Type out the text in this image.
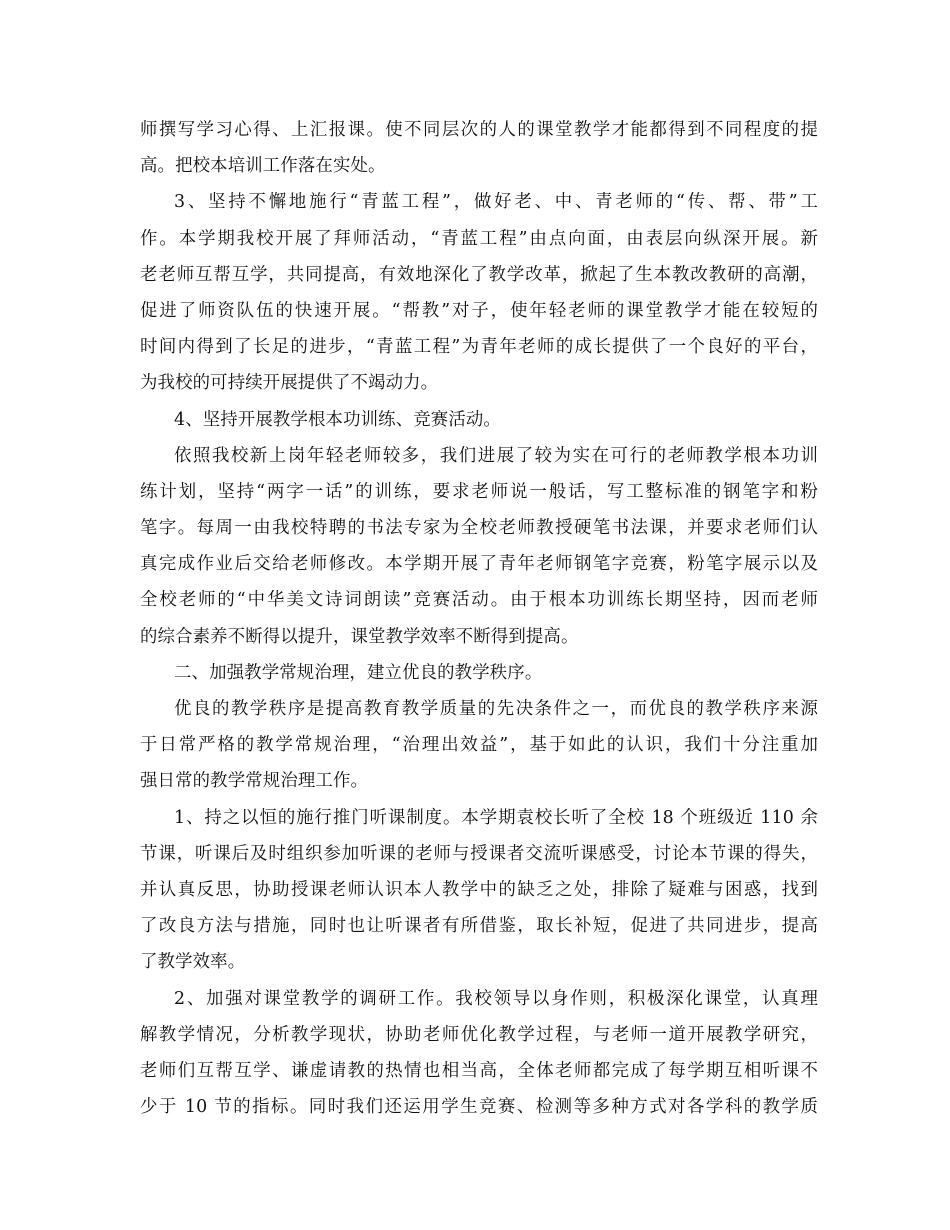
师撰写学习心得、上汇报课。使不同层次的人的课堂教学才能都得到不同程度的提
高。把校本培训工作落在实处。
3、坚持不懈地施行“青蓝工程”，做好老、中、青老师的“传、帮、带”工
作。本学期我校开展了拜师活动，“青蓝工程”由点向面，由表层向纵深开展。新
老老师互帮互学，共同提高，有效地深化了教学改革，掀起了生本教改教研的高潮，
促进了师资队伍的快速开展。“帮教”对子，使年轻老师的课堂教学才能在较短的
时间内得到了长足的进步，“青蓝工程”为青年老师的成长提供了一个良好的平台，
为我校的可持续开展提供了不竭动力。
4、坚持开展教学根本功训练、竞赛活动。
依照我校新上岗年轻老师较多，我们进展了较为实在可行的老师教学根本功训
练计划，坚持“两字一话”的训练，要求老师说一般话，写工整标准的钢笔字和粉
笔字。每周一由我校特聘的书法专家为全校老师教授硬笔书法课，并要求老师们认
真完成作业后交给老师修改。本学期开展了青年老师钢笔字竞赛，粉笔字展示以及
全校老师的“中华美文诗词朗读”竞赛活动。由于根本功训练长期坚持，因而老师
的综合素养不断得以提升，课堂教学效率不断得到提高。
二、加强教学常规治理，建立优良的教学秩序。
优良的教学秩序是提高教育教学质量的先决条件之一，而优良的教学秩序来源
于日常严格的教学常规治理，“治理出效益”，基于如此的认识，我们十分注重加
强日常的教学常规治理工作。
1、持之以恒的施行推门听课制度。本学期袁校长听了全校 18 个班级近 110 余
节课，听课后及时组织参加听课的老师与授课者交流听课感受，讨论本节课的得失，
并认真反思，协助授课老师认识本人教学中的缺乏之处，排除了疑难与困惑，找到
了改良方法与措施，同时也让听课者有所借鉴，取长补短，促进了共同进步，提高
了教学效率。
2、加强对课堂教学的调研工作。我校领导以身作则，积极深化课堂，认真理
解教学情况，分析教学现状，协助老师优化教学过程，与老师一道开展教学研究，
老师们互帮互学、谦虚请教的热情也相当高，全体老师都完成了每学期互相听课不
少于 10 节的指标。同时我们还运用学生竞赛、检测等多种方式对各学科的教学质
